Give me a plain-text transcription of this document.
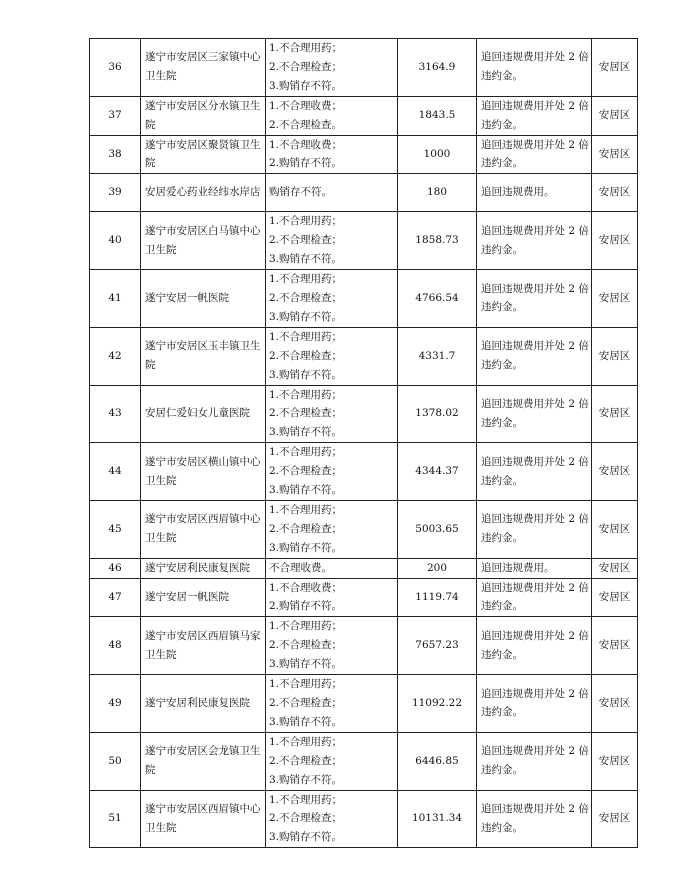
36	遂宁市安居区三家镇中心卫生院	1.不合理用药；
2.不合理检查；
3.购销存不符。	3164.9	追回违规费用并处 2 倍违约金。	安居区
37	遂宁市安居区分水镇卫生院	1.不合理收费；
2.不合理检查。	1843.5	追回违规费用并处 2 倍违约金。	安居区
38	遂宁市安居区聚贤镇卫生院	1.不合理收费；
2.购销存不符。	1000	追回违规费用并处 2 倍违约金。	安居区
39	安居爱心药业经纬水岸店	购销存不符。	180	追回违规费用。	安居区
40	遂宁市安居区白马镇中心卫生院	1.不合理用药；
2.不合理检查；
3.购销存不符。	1858.73	追回违规费用并处 2 倍违约金。	安居区
41	遂宁安居一帆医院	1.不合理用药；
2.不合理检查；
3.购销存不符。	4766.54	追回违规费用并处 2 倍违约金。	安居区
42	遂宁市安居区玉丰镇卫生院	1.不合理用药；
2.不合理检查；
3.购销存不符。	4331.7	追回违规费用并处 2 倍违约金。	安居区
43	安居仁爱妇女儿童医院	1.不合理用药；
2.不合理检查；
3.购销存不符。	1378.02	追回违规费用并处 2 倍违约金。	安居区
44	遂宁市安居区横山镇中心卫生院	1.不合理用药；
2.不合理检查；
3.购销存不符。	4344.37	追回违规费用并处 2 倍违约金。	安居区
45	遂宁市安居区西眉镇中心卫生院	1.不合理用药；
2.不合理检查；
3.购销存不符。	5003.65	追回违规费用并处 2 倍违约金。	安居区
46	遂宁安居利民康复医院	不合理收费。	200	追回违规费用。	安居区
47	遂宁安居一帆医院	1.不合理收费；
2.购销存不符。	1119.74	追回违规费用并处 2 倍违约金。	安居区
48	遂宁市安居区西眉镇马家卫生院	1.不合理用药；
2.不合理检查；
3.购销存不符。	7657.23	追回违规费用并处 2 倍违约金。	安居区
49	遂宁安居利民康复医院	1.不合理用药；
2.不合理检查；
3.购销存不符。	11092.22	追回违规费用并处 2 倍违约金。	安居区
50	遂宁市安居区会龙镇卫生院	1.不合理用药；
2.不合理检查；
3.购销存不符。	6446.85	追回违规费用并处 2 倍违约金。	安居区
51	遂宁市安居区西眉镇中心卫生院	1.不合理用药；
2.不合理检查；
3.购销存不符。	10131.34	追回违规费用并处 2 倍违约金。	安居区
